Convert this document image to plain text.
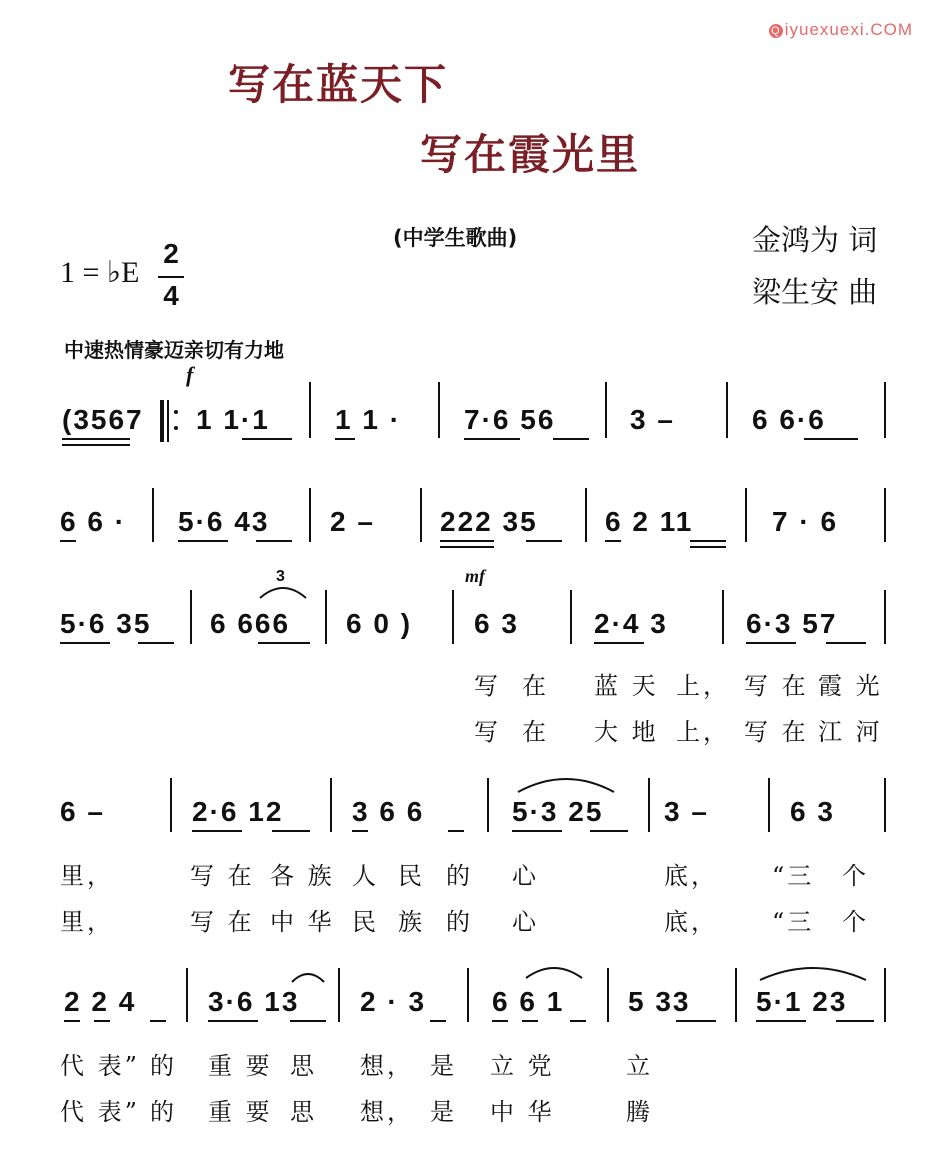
Q iyuexuexi.COM
写在蓝天下
写在霞光里
(中学生歌曲)	金鸿为 词
梁生安 曲
1 = ♭E
2
4
中速热情豪迈亲切有力地
f
(3567 1 1·1 1 1 · 7·6 56	3 –	6 6·6
6 6 · 5·6 43 2 – 222 35 6 2 11	7 · 6
3	mf
5·6 35 6 666 6 0 ) 6 3	2·4 3	6·3 57
写 在 蓝 天 上， 写 在 霞 光
写 在 大 地 上， 写 在 江 河
6 –	2·6 12 3 6 6	5·3 25 3 –	6 3
里，	写 在 各 族 人 民 的 心	底， “三 个
里，	写 在 中 华 民 族 的 心	底， “三 个
2 2 4	3·6 13 2 · 3 6 6 1 5 33 5·1 23
代 表” 的 重 要 思 想， 是 立 党	立
代 表” 的 重 要 思 想， 是 中 华	腾
